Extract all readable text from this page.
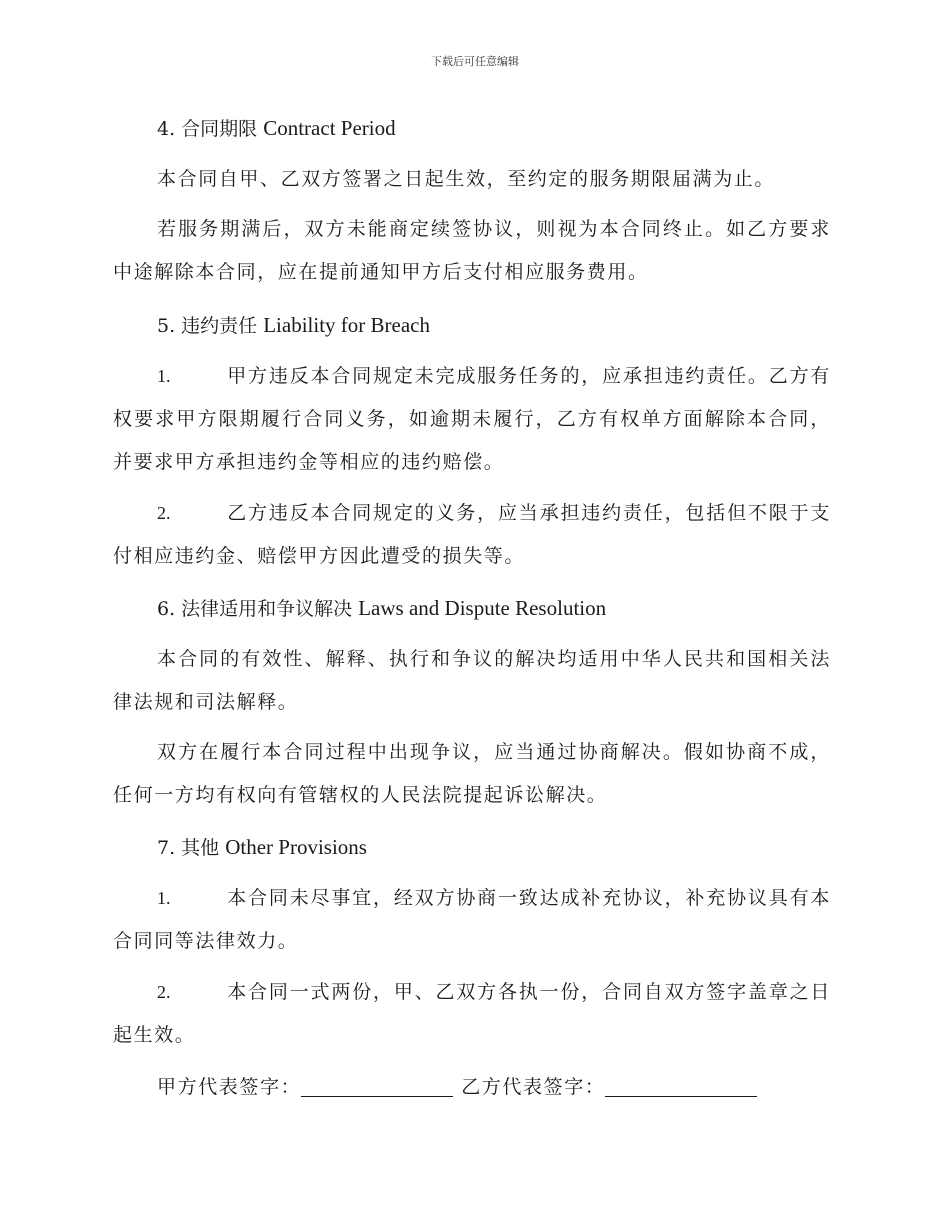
下载后可任意编辑
4. 合同期限 Contract Period

本合同自甲、乙双方签署之日起生效，至约定的服务期限届满为止。

若服务期满后，双方未能商定续签协议，则视为本合同终止。如乙方要求中途解除本合同，应在提前通知甲方后支付相应服务费用。

5. 违约责任 Liability for Breach

1.	甲方违反本合同规定未完成服务任务的，应承担违约责任。乙方有权要求甲方限期履行合同义务，如逾期未履行，乙方有权单方面解除本合同，并要求甲方承担违约金等相应的违约赔偿。

2.	乙方违反本合同规定的义务，应当承担违约责任，包括但不限于支付相应违约金、赔偿甲方因此遭受的损失等。

6. 法律适用和争议解决 Laws and Dispute Resolution

本合同的有效性、解释、执行和争议的解决均适用中华人民共和国相关法律法规和司法解释。

双方在履行本合同过程中出现争议，应当通过协商解决。假如协商不成，任何一方均有权向有管辖权的人民法院提起诉讼解决。

7. 其他 Other Provisions

1.	本合同未尽事宜，经双方协商一致达成补充协议，补充协议具有本合同同等法律效力。

2.	本合同一式两份，甲、乙双方各执一份，合同自双方签字盖章之日起生效。

甲方代表签字：	乙方代表签字：
